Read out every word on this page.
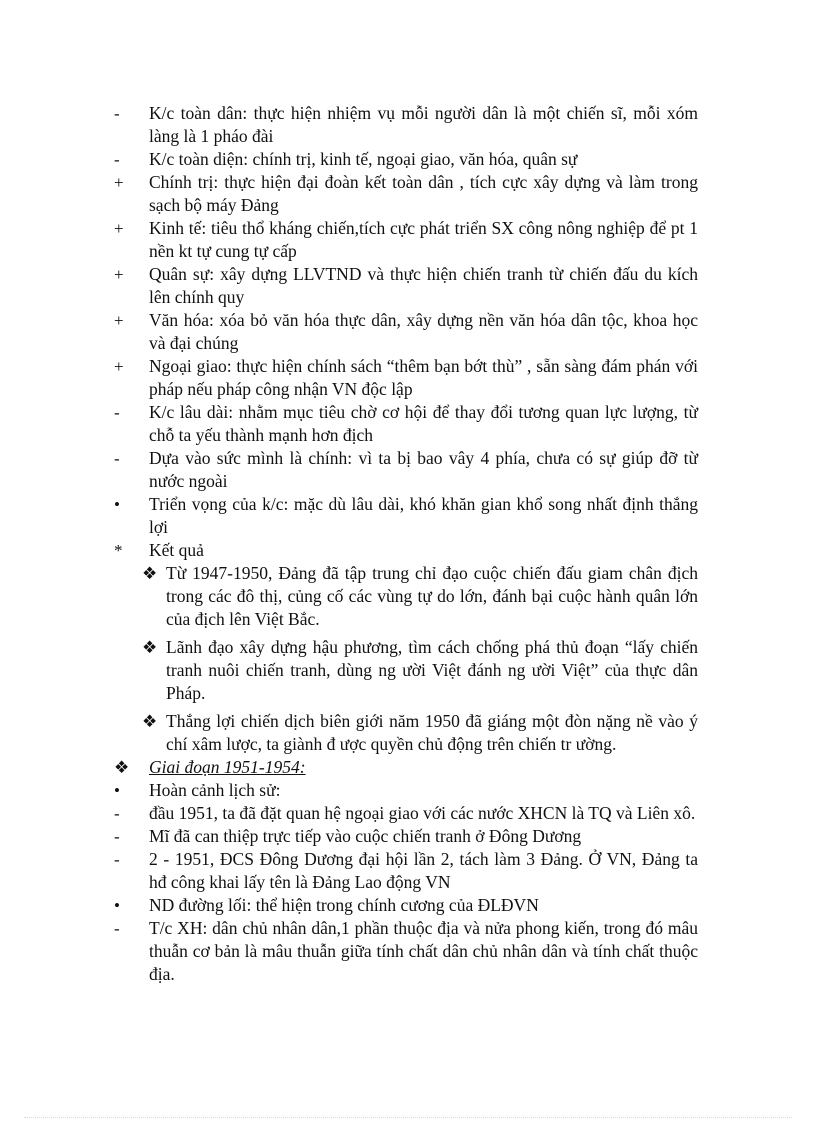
-	K/c toàn dân: thực hiện nhiệm vụ mỗi người dân là một chiến sĩ, mỗi xóm làng là 1 pháo đài
-	K/c toàn diện: chính trị, kinh tế, ngoại giao, văn hóa, quân sự
+	Chính trị: thực hiện đại đoàn kết toàn dân , tích cực xây dựng và làm trong sạch bộ máy Đảng
+	Kinh tế: tiêu thổ kháng chiến,tích cực phát triển SX công nông nghiệp để pt 1 nền kt tự cung tự cấp
+	Quân sự: xây dựng LLVTND và thực hiện chiến tranh từ chiến đấu du kích lên chính quy
+	Văn hóa: xóa bỏ văn hóa thực dân, xây dựng nền văn hóa dân tộc, khoa học và đại chúng
+	Ngoại giao: thực hiện chính sách “thêm bạn bớt thù” , sẵn sàng đám phán với pháp nếu pháp công nhận VN độc lập
-	K/c lâu dài: nhằm mục tiêu chờ cơ hội để thay đổi tương quan lực lượng, từ chỗ ta yếu thành mạnh hơn địch
-	Dựa vào sức mình là chính: vì ta bị bao vây 4 phía, chưa có sự giúp đỡ từ nước ngoài
•	Triển vọng của k/c: mặc dù lâu dài, khó khăn gian khổ song nhất định thắng lợi
*	Kết quả
❖ Từ 1947-1950, Đảng đã tập trung chỉ đạo cuộc chiến đấu giam chân địch trong các đô thị, củng cố các vùng tự do lớn, đánh bại cuộc hành quân lớn của địch lên Việt Bắc.
❖ Lãnh đạo xây dựng hậu phương, tìm cách chống phá thủ đoạn “lấy chiến tranh nuôi chiến tranh, dùng ng ười Việt đánh ng ười Việt” của thực dân Pháp.
❖ Thắng lợi chiến dịch biên giới năm 1950 đã giáng một đòn nặng nề vào ý chí xâm lược, ta giành đ ược quyền chủ động trên chiến tr ường.
❖	Giai đoạn 1951-1954:
•	Hoàn cảnh lịch sử:
-	đầu 1951, ta đã đặt quan hệ ngoại giao với các nước XHCN là TQ và Liên xô.
-	Mĩ đã can thiệp trực tiếp vào cuộc chiến tranh ở Đông Dương
-	2 - 1951, ĐCS Đông Dương đại hội lần 2, tách làm 3 Đảng. Ở VN, Đảng ta hđ công khai lấy tên là Đảng Lao động VN
•	ND đường lối: thể hiện trong chính cương của ĐLĐVN
-	T/c XH: dân chủ nhân dân,1 phần thuộc địa và nửa phong kiến, trong đó mâu thuẫn cơ bản là mâu thuẫn giữa tính chất dân chủ nhân dân và tính chất thuộc địa.
